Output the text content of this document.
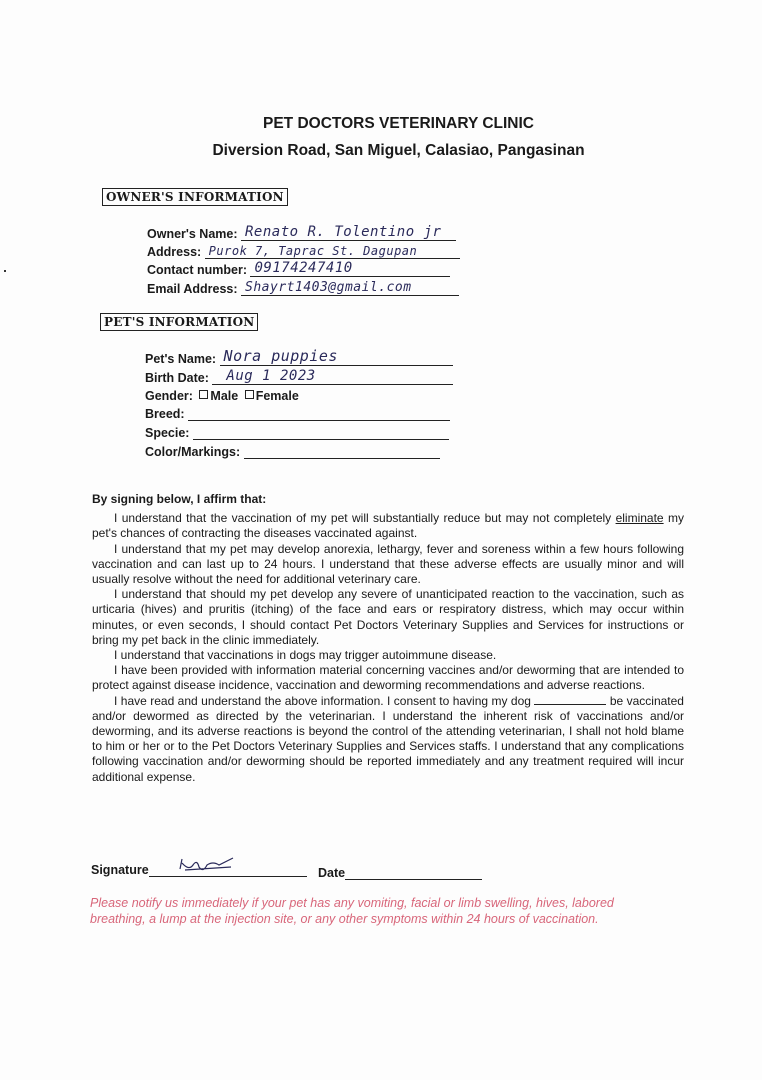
PET DOCTORS VETERINARY CLINIC
Diversion Road, San Miguel, Calasiao, Pangasinan
OWNER'S INFORMATION
Owner's Name: Renato R. Tolentino jr
Address: Purok 7, Taprac St. Dagupan
Contact number: 09174247410
Email Address: Shayrt1403@gmail.com
PET'S INFORMATION
Pet's Name: Nora puppies
Birth Date: Aug 1 2023
Gender: Male Female
Breed:
Specie:
Color/Markings:

By signing below, I affirm that:

I understand that the vaccination of my pet will substantially reduce but may not completely eliminate my pet's chances of contracting the diseases vaccinated against.

I understand that my pet may develop anorexia, lethargy, fever and soreness within a few hours following vaccination and can last up to 24 hours. I understand that these adverse effects are usually minor and will usually resolve without the need for additional veterinary care.

I understand that should my pet develop any severe of unanticipated reaction to the vaccination, such as urticaria (hives) and pruritis (itching) of the face and ears or respiratory distress, which may occur within minutes, or even seconds, I should contact Pet Doctors Veterinary Supplies and Services for instructions or bring my pet back in the clinic immediately.

I understand that vaccinations in dogs may trigger autoimmune disease.

I have been provided with information material concerning vaccines and/or deworming that are intended to protect against disease incidence, vaccination and deworming recommendations and adverse reactions.

I have read and understand the above information. I consent to having my dog	be vaccinated and/or dewormed as directed by the veterinarian. I understand the inherent risk of vaccinations and/or deworming, and its adverse reactions is beyond the control of the attending veterinarian, I shall not hold blame to him or her or to the Pet Doctors Veterinary Supplies and Services staffs. I understand that any complications following vaccination and/or deworming should be reported immediately and any treatment required will incur additional expense.

Signature	Date
Please notify us immediately if your pet has any vomiting, facial or limb swelling, hives, labored breathing, a lump at the injection site, or any other symptoms within 24 hours of vaccination.
